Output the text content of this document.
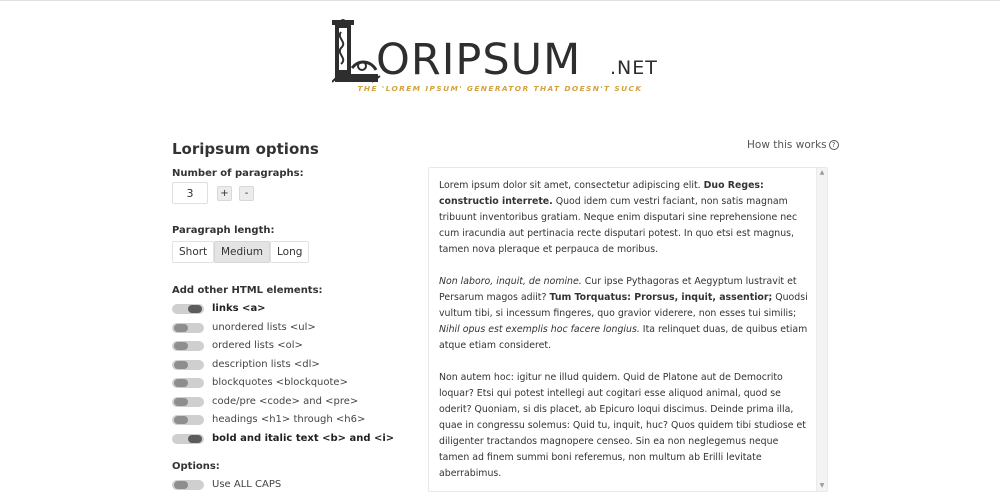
ORIPSUM .NET
THE 'LOREM IPSUM' GENERATOR THAT DOESN'T SUCK
Loripsum options
Number of paragraphs:
3
+	-
Paragraph length:
Short	Medium	Long
Add other HTML elements:
links <a>
unordered lists <ul>
ordered lists <ol>
description lists <dl>
blockquotes <blockquote>
code/pre <code> and <pre>
headings <h1> through <h6>
bold and italic text <b> and <i>
Options:
Use ALL CAPS
How this works ?

Lorem ipsum dolor sit amet, consectetur adipiscing elit. Duo Reges: constructio interrete. Quod idem cum vestri faciant, non satis magnam tribuunt inventoribus gratiam. Neque enim disputari sine reprehensione nec cum iracundia aut pertinacia recte disputari potest. In quo etsi est magnus, tamen nova pleraque et perpauca de moribus.

Non laboro, inquit, de nomine. Cur ipse Pythagoras et Aegyptum lustravit et Persarum magos adiit? Tum Torquatus: Prorsus, inquit, assentior; Quodsi vultum tibi, si incessum fingeres, quo gravior viderere, non esses tui similis; Nihil opus est exemplis hoc facere longius. Ita relinquet duas, de quibus etiam atque etiam consideret.

Non autem hoc: igitur ne illud quidem. Quid de Platone aut de Democrito loquar? Etsi qui potest intellegi aut cogitari esse aliquod animal, quod se oderit? Quoniam, si dis placet, ab Epicuro loqui discimus. Deinde prima illa, quae in congressu solemus: Quid tu, inquit, huc? Quos quidem tibi studiose et diligenter tractandos magnopere censeo. Sin ea non neglegemus neque tamen ad finem summi boni referemus, non multum ab Erilli levitate aberrabimus.

▲
▼
